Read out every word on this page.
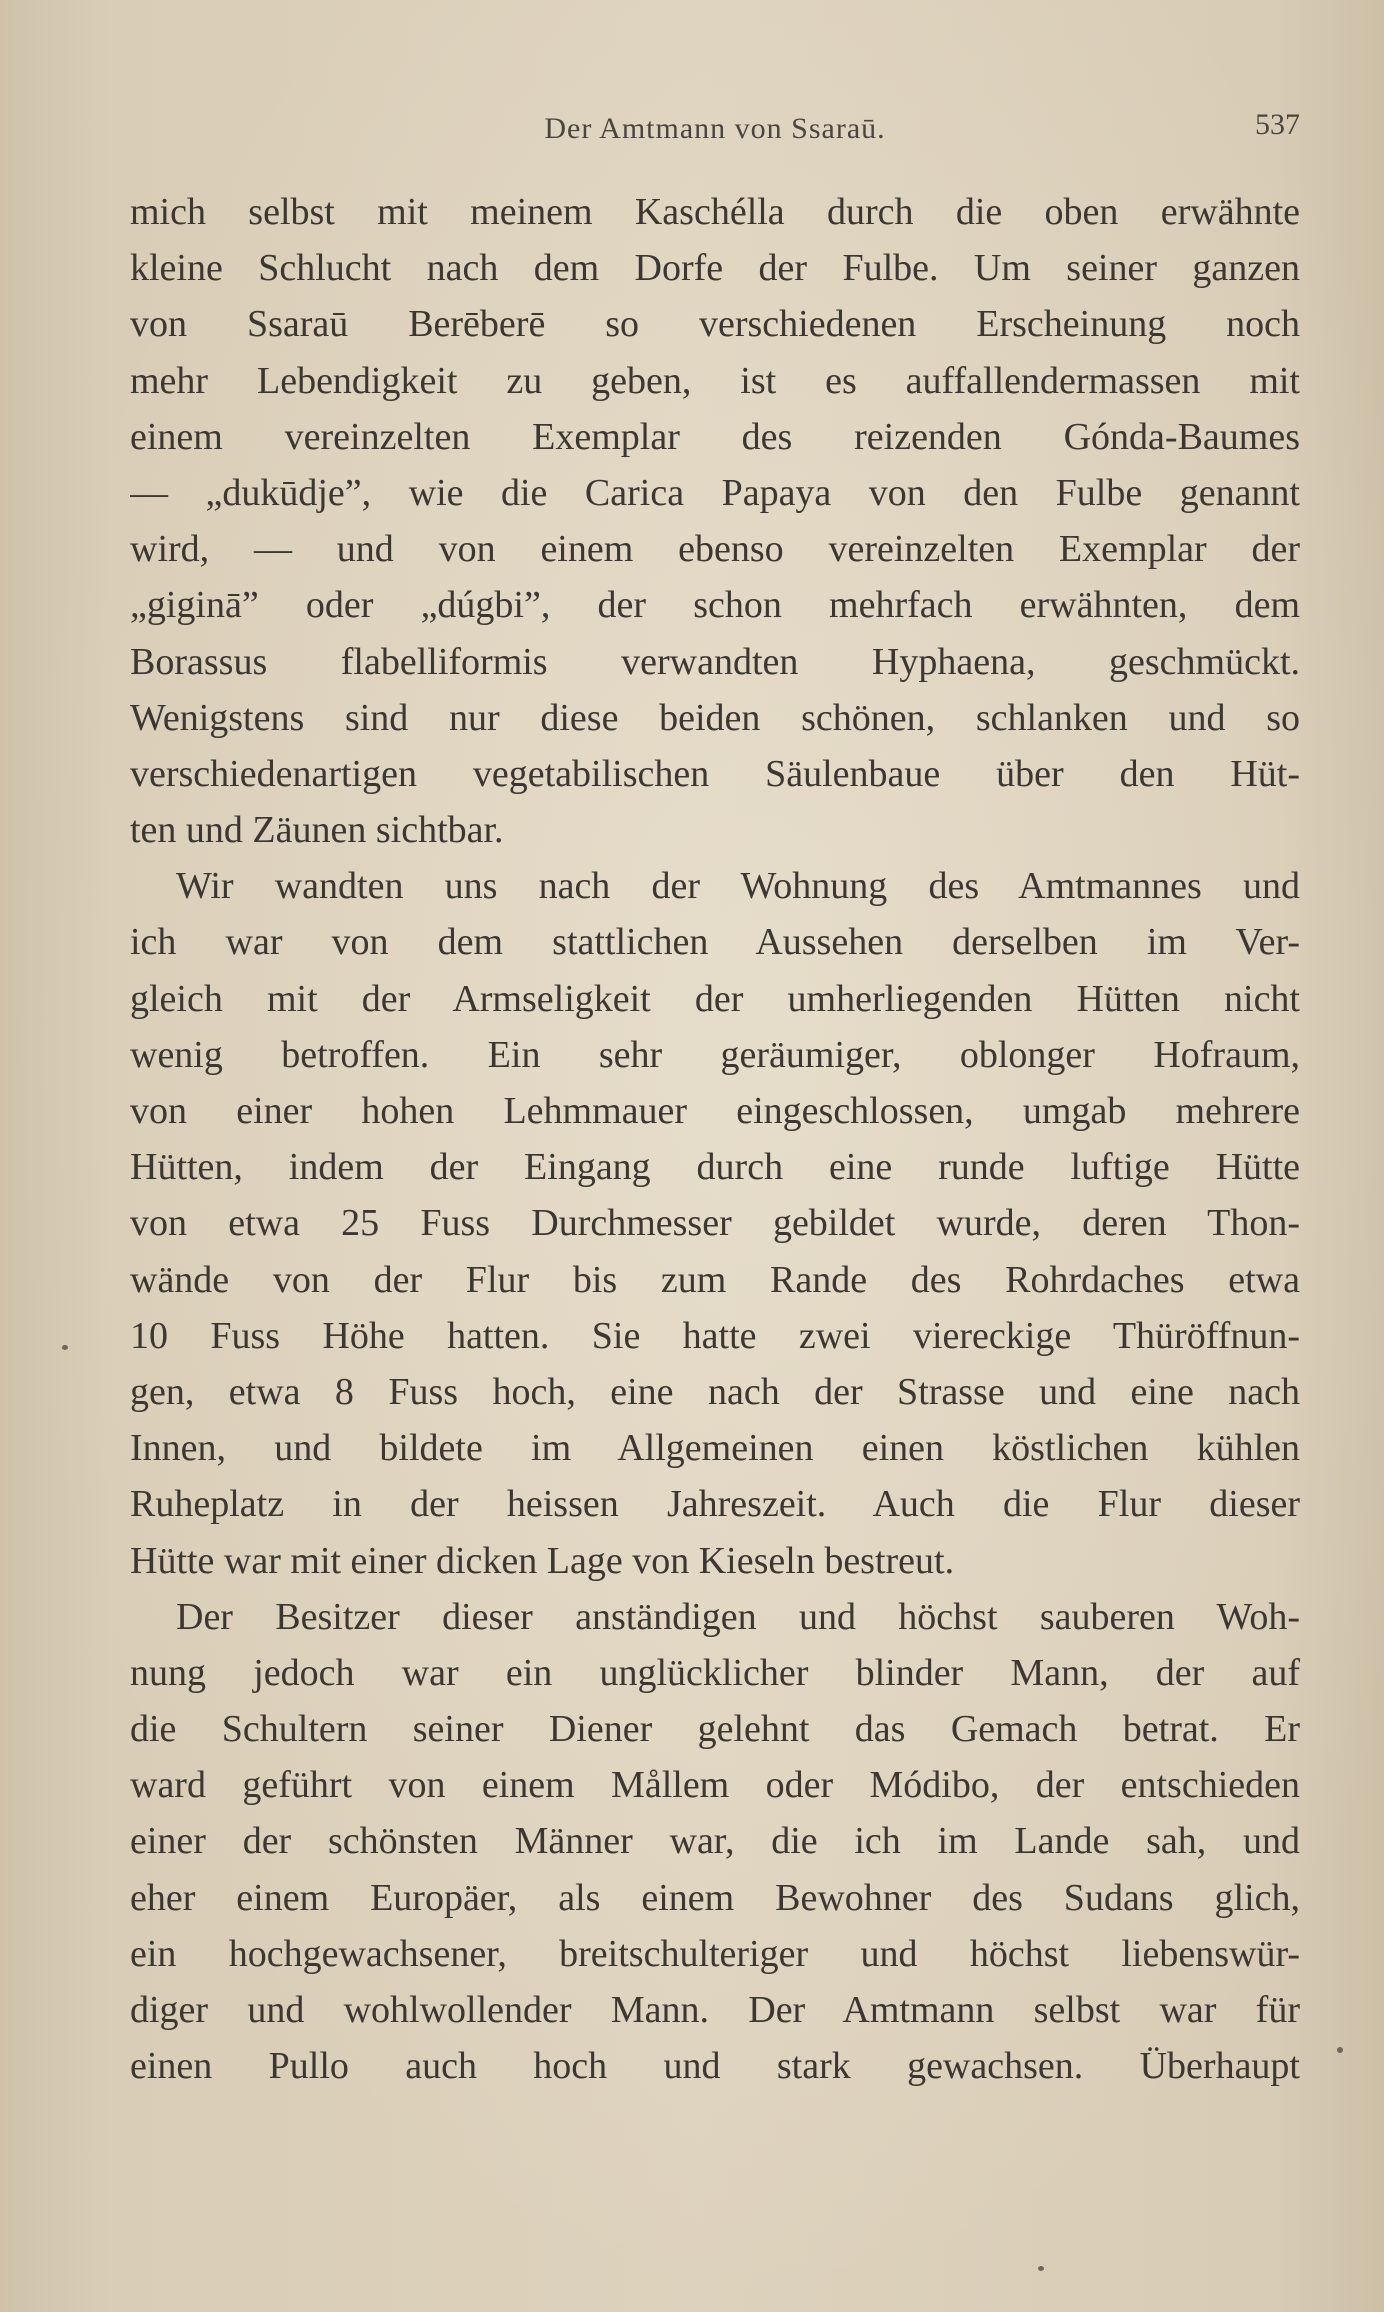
Der Amtmann von Ssaraū.	537
mich selbst mit meinem Kaschélla durch die oben erwähnte
kleine Schlucht nach dem Dorfe der Fulbe. Um seiner ganzen
von Ssaraū Berēberē so verschiedenen Erscheinung noch
mehr Lebendigkeit zu geben, ist es auffallendermassen mit
einem vereinzelten Exemplar des reizenden Góndа-Baumes
— „dukūdje”, wie die Carica Papaya von den Fulbe genannt
wird, — und von einem ebenso vereinzelten Exemplar der
„giginā” oder „dúgbi”, der schon mehrfach erwähnten, dem
Borassus flabelliformis verwandten Hyphaena, geschmückt.
Wenigstens sind nur diese beiden schönen, schlanken und so
verschiedenartigen vegetabilischen Säulenbaue über den Hüt-
ten und Zäunen sichtbar.
Wir wandten uns nach der Wohnung des Amtmannes und
ich war von dem stattlichen Aussehen derselben im Ver-
gleich mit der Armseligkeit der umherliegenden Hütten nicht
wenig betroffen. Ein sehr geräumiger, oblonger Hofraum,
von einer hohen Lehmmauer eingeschlossen, umgab mehrere
Hütten, indem der Eingang durch eine runde luftige Hütte
von etwa 25 Fuss Durchmesser gebildet wurde, deren Thon-
wände von der Flur bis zum Rande des Rohrdaches etwa
10 Fuss Höhe hatten. Sie hatte zwei viereckige Thüröffnun-
gen, etwa 8 Fuss hoch, eine nach der Strasse und eine nach
Innen, und bildete im Allgemeinen einen köstlichen kühlen
Ruheplatz in der heissen Jahreszeit. Auch die Flur dieser
Hütte war mit einer dicken Lage von Kieseln bestreut.
Der Besitzer dieser anständigen und höchst sauberen Woh-
nung jedoch war ein unglücklicher blinder Mann, der auf
die Schultern seiner Diener gelehnt das Gemach betrat. Er
ward geführt von einem Mållem oder Módibo, der entschieden
einer der schönsten Männer war, die ich im Lande sah, und
eher einem Europäer, als einem Bewohner des Sudans glich,
ein hochgewachsener, breitschulteriger und höchst liebenswür-
diger und wohlwollender Mann. Der Amtmann selbst war für
einen Pullo auch hoch und stark gewachsen. Überhaupt
